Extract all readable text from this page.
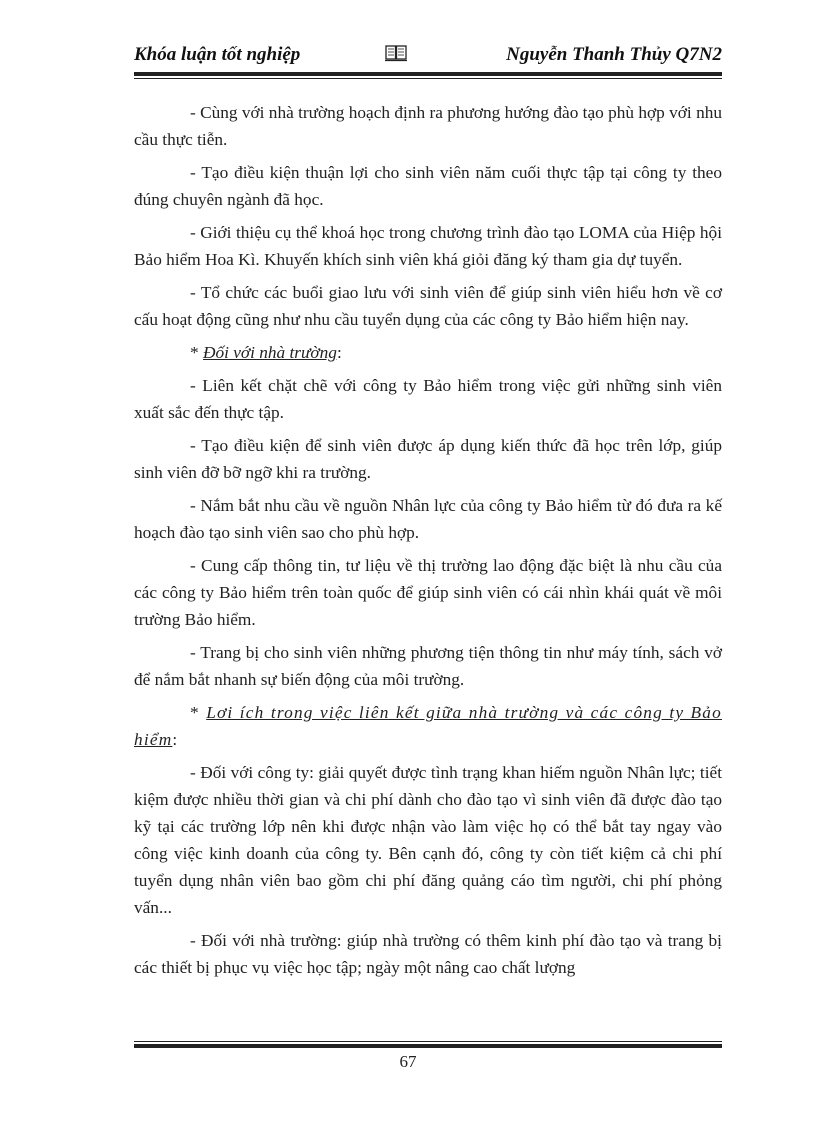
Khóa luận tốt nghiệp	Nguyễn Thanh Thủy Q7N2

- Cùng với nhà trường hoạch định ra phương hướng đào tạo phù hợp với nhu cầu thực tiễn.

- Tạo điều kiện thuận lợi cho sinh viên năm cuối thực tập tại công ty theo đúng chuyên ngành đã học.

- Giới thiệu cụ thể khoá học trong chương trình đào tạo LOMA của Hiệp hội Bảo hiểm Hoa Kì. Khuyến khích sinh viên khá giỏi đăng ký tham gia dự tuyển.

- Tổ chức các buổi giao lưu với sinh viên để giúp sinh viên hiểu hơn về cơ cấu hoạt động cũng như nhu cầu tuyển dụng của các công ty Bảo hiểm hiện nay.

* Đối với nhà trường:

- Liên kết chặt chẽ với công ty Bảo hiểm trong việc gửi những sinh viên xuất sắc đến thực tập.

- Tạo điều kiện để sinh viên được áp dụng kiến thức đã học trên lớp, giúp sinh viên đỡ bỡ ngỡ khi ra trường.

- Nắm bắt nhu cầu về nguồn Nhân lực của công ty Bảo hiểm từ đó đưa ra kế hoạch đào tạo sinh viên sao cho phù hợp.

- Cung cấp thông tin, tư liệu về thị trường lao động đặc biệt là nhu cầu của các công ty Bảo hiểm trên toàn quốc để giúp sinh viên có cái nhìn khái quát về môi trường Bảo hiểm.

- Trang bị cho sinh viên những phương tiện thông tin như máy tính, sách vở để nắm bắt nhanh sự biến động của môi trường.

* Lơi ích trong việc liên kết giữa nhà trường và các công ty Bảo hiểm:

- Đối với công ty: giải quyết được tình trạng khan hiếm nguồn Nhân lực; tiết kiệm được nhiều thời gian và chi phí dành cho đào tạo vì sinh viên đã được đào tạo kỹ tại các trường lớp nên khi được nhận vào làm việc họ có thể bắt tay ngay vào công việc kinh doanh của công ty. Bên cạnh đó, công ty còn tiết kiệm cả chi phí tuyển dụng nhân viên bao gồm chi phí đăng quảng cáo tìm người, chi phí phỏng vấn...

- Đối với nhà trường: giúp nhà trường có thêm kinh phí đào tạo và trang bị các thiết bị phục vụ việc học tập; ngày một nâng cao chất lượng

67
